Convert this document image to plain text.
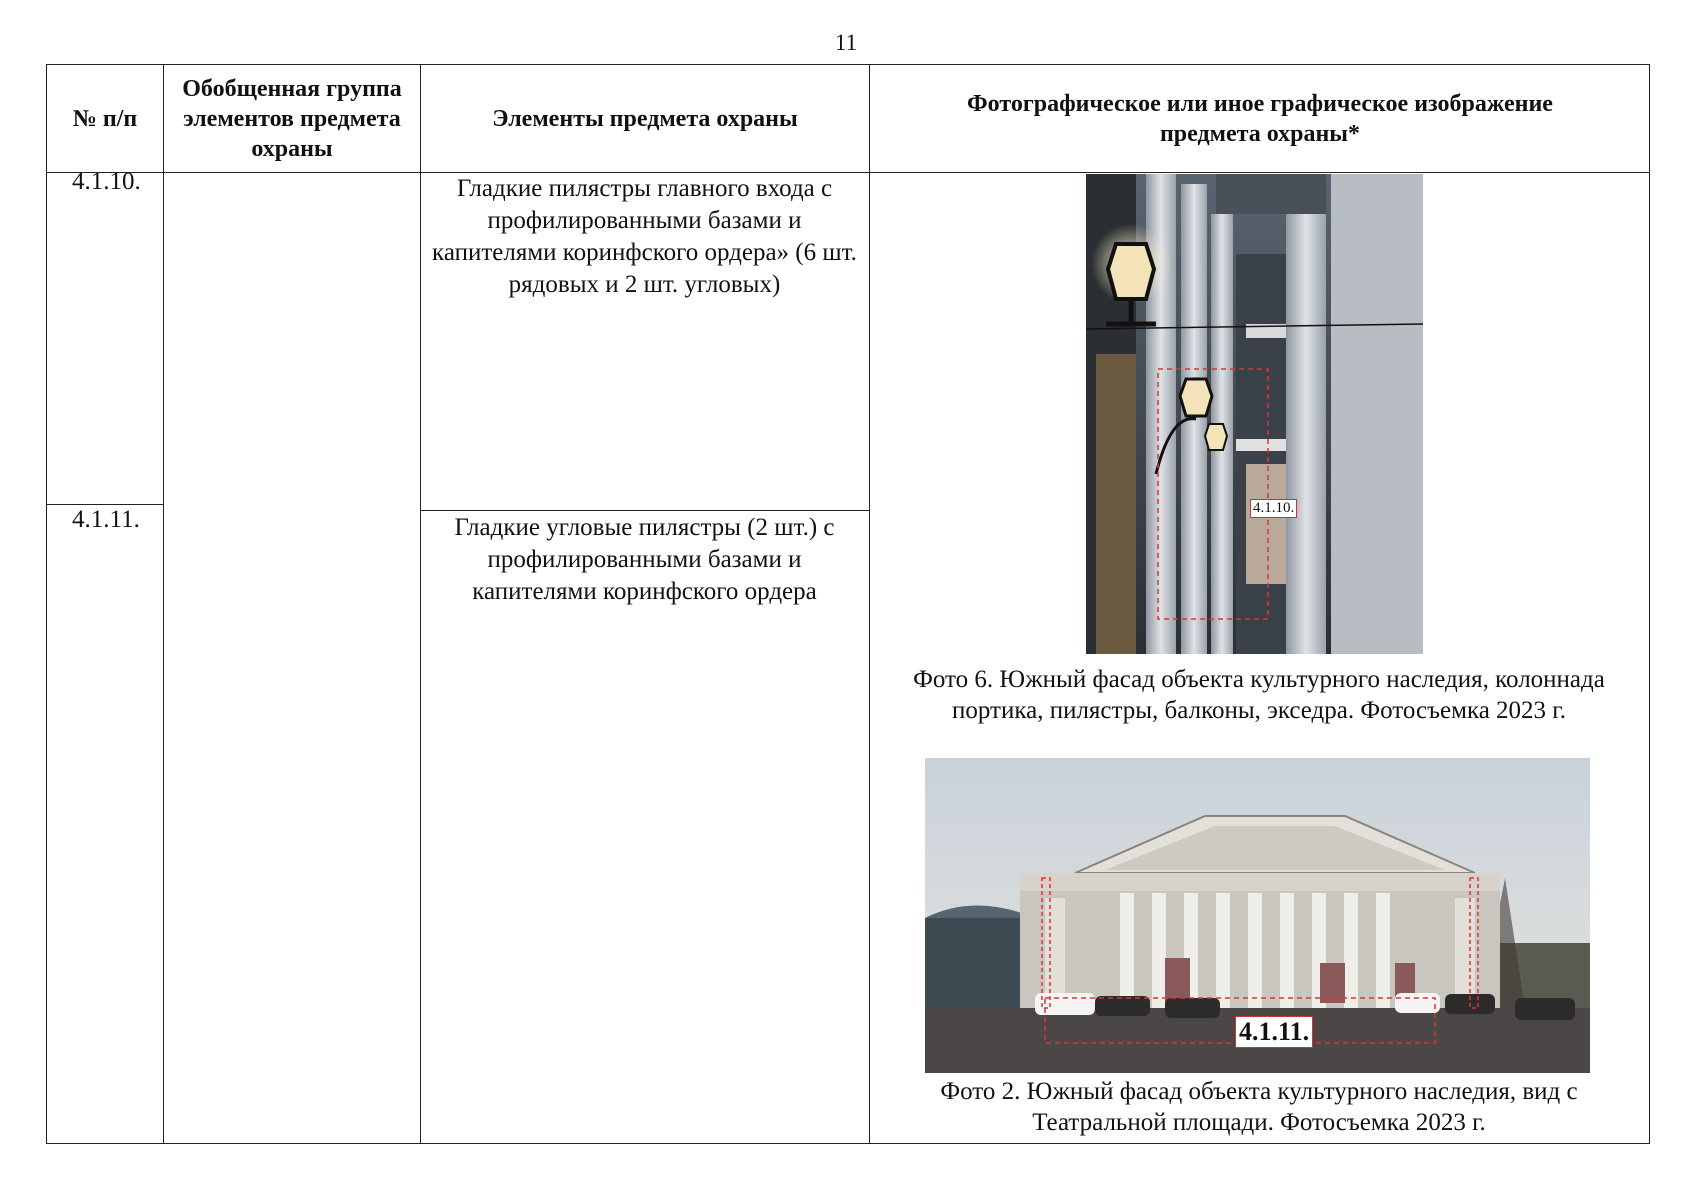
11
№ п/п
Обобщенная группа элементов предмета охраны
Элементы предмета охраны
Фотографическое или иное графическое изображение предмета охраны*
4.1.10.
4.1.11.
Гладкие пилястры главного входа с профилированными базами и капителями коринфского ордера» (6 шт. рядовых и 2 шт. угловых)
Гладкие угловые пилястры (2 шт.) с профилированными базами и капителями коринфского ордера
4.1.10.
Фото 6. Южный фасад объекта культурного наследия, колоннада портика, пилястры, балконы, экседра. Фотосъемка 2023 г.
4.1.11.
Фото 2. Южный фасад объекта культурного наследия, вид с Театральной площади. Фотосъемка 2023 г.
